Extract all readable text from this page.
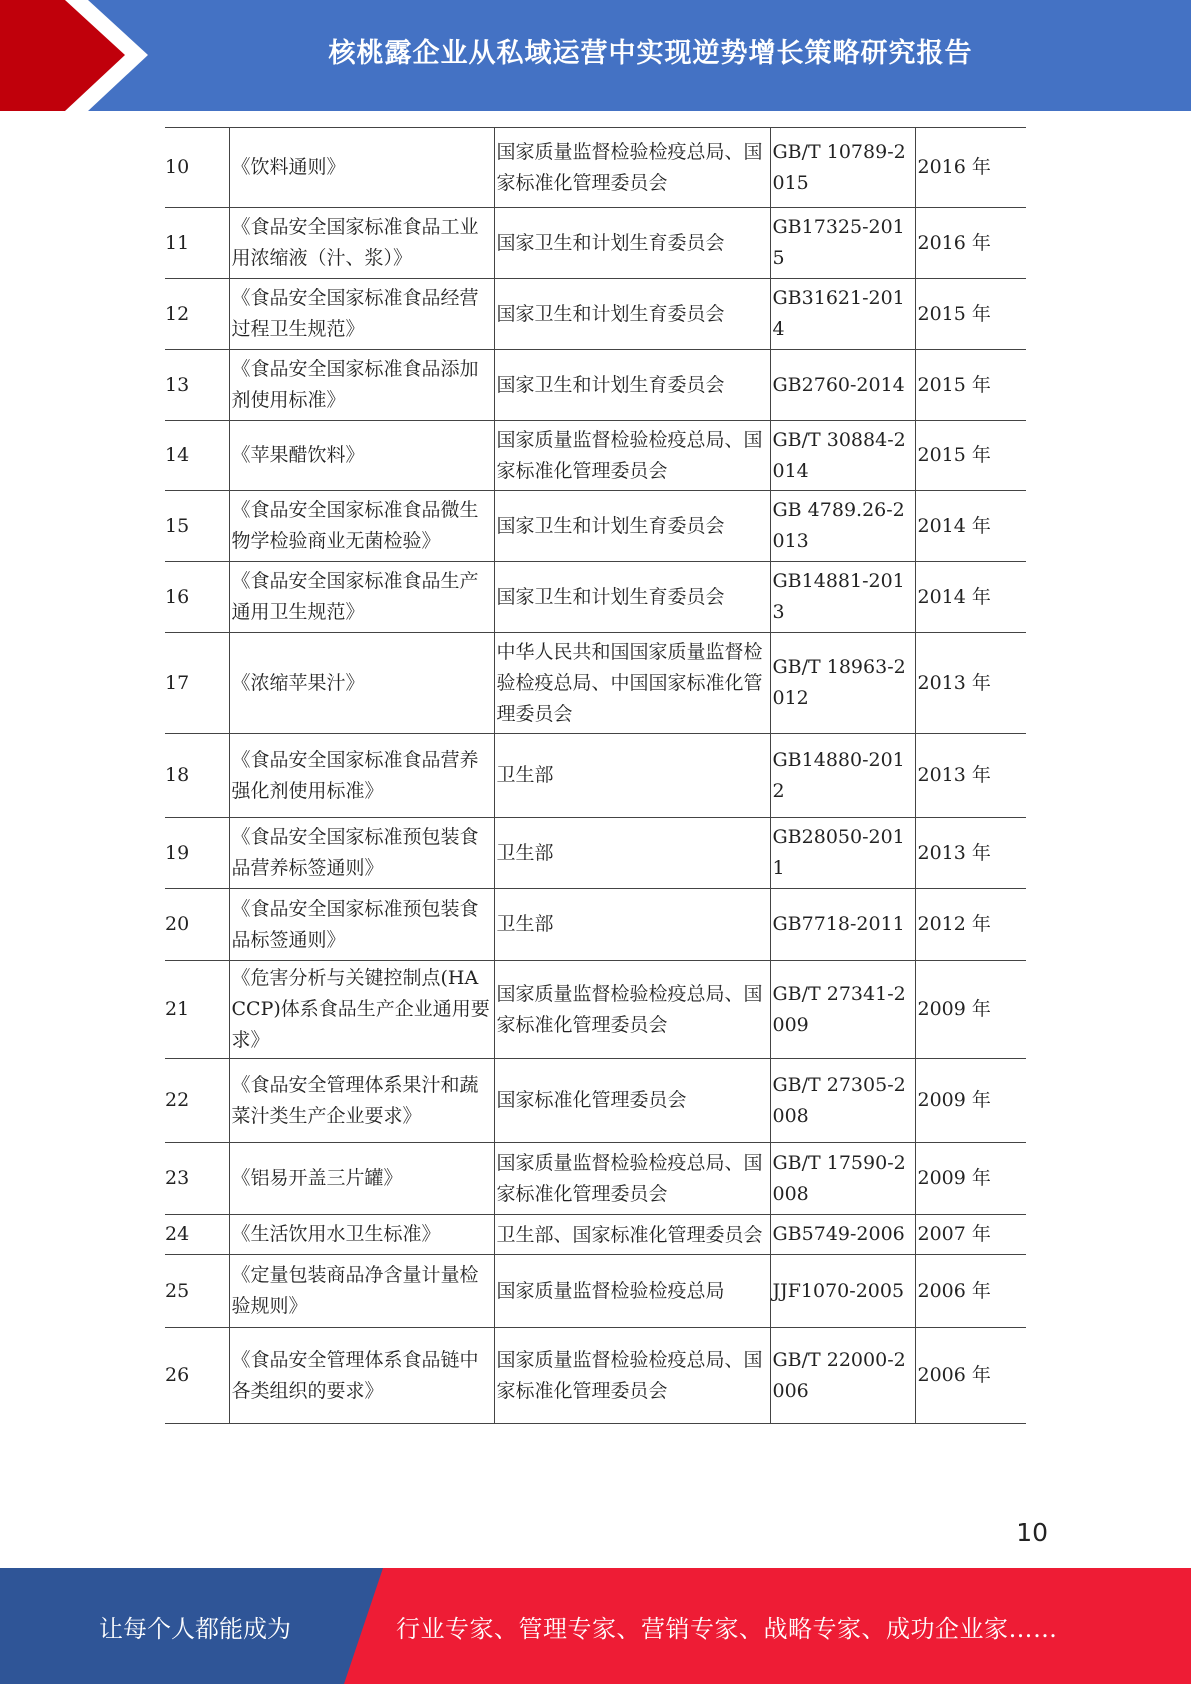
核桃露企业从私域运营中实现逆势增长策略研究报告
10	《饮料通则》	国家质量监督检验检疫总局、国家标准化管理委员会	GB/T 10789-2015	2016 年
11	《食品安全国家标准食品工业用浓缩液（汁、浆）》	国家卫生和计划生育委员会	GB17325-2015	2016 年
12	《食品安全国家标准食品经营过程卫生规范》	国家卫生和计划生育委员会	GB31621-2014	2015 年
13	《食品安全国家标准食品添加剂使用标准》	国家卫生和计划生育委员会	GB2760-2014	2015 年
14	《苹果醋饮料》	国家质量监督检验检疫总局、国家标准化管理委员会	GB/T 30884-2014	2015 年
15	《食品安全国家标准食品微生物学检验商业无菌检验》	国家卫生和计划生育委员会	GB 4789.26-2013	2014 年
16	《食品安全国家标准食品生产通用卫生规范》	国家卫生和计划生育委员会	GB14881-2013	2014 年
17	《浓缩苹果汁》	中华人民共和国国家质量监督检验检疫总局、中国国家标准化管理委员会	GB/T 18963-2012	2013 年
18	《食品安全国家标准食品营养强化剂使用标准》	卫生部	GB14880-2012	2013 年
19	《食品安全国家标准预包装食品营养标签通则》	卫生部	GB28050-2011	2013 年
20	《食品安全国家标准预包装食品标签通则》	卫生部	GB7718-2011	2012 年
21	《危害分析与关键控制点(HACCP)体系食品生产企业通用要求》	国家质量监督检验检疫总局、国家标准化管理委员会	GB/T 27341-2009	2009 年
22	《食品安全管理体系果汁和蔬菜汁类生产企业要求》	国家标准化管理委员会	GB/T 27305-2008	2009 年
23	《铝易开盖三片罐》	国家质量监督检验检疫总局、国家标准化管理委员会	GB/T 17590-2008	2009 年
24	《生活饮用水卫生标准》	卫生部、国家标准化管理委员会	GB5749-2006	2007 年
25	《定量包装商品净含量计量检验规则》	国家质量监督检验检疫总局	JJF1070-2005	2006 年
26	《食品安全管理体系食品链中各类组织的要求》	国家质量监督检验检疫总局、国家标准化管理委员会	GB/T 22000-2006	2006 年
10
让每个人都能成为	行业专家、管理专家、营销专家、战略专家、成功企业家……
